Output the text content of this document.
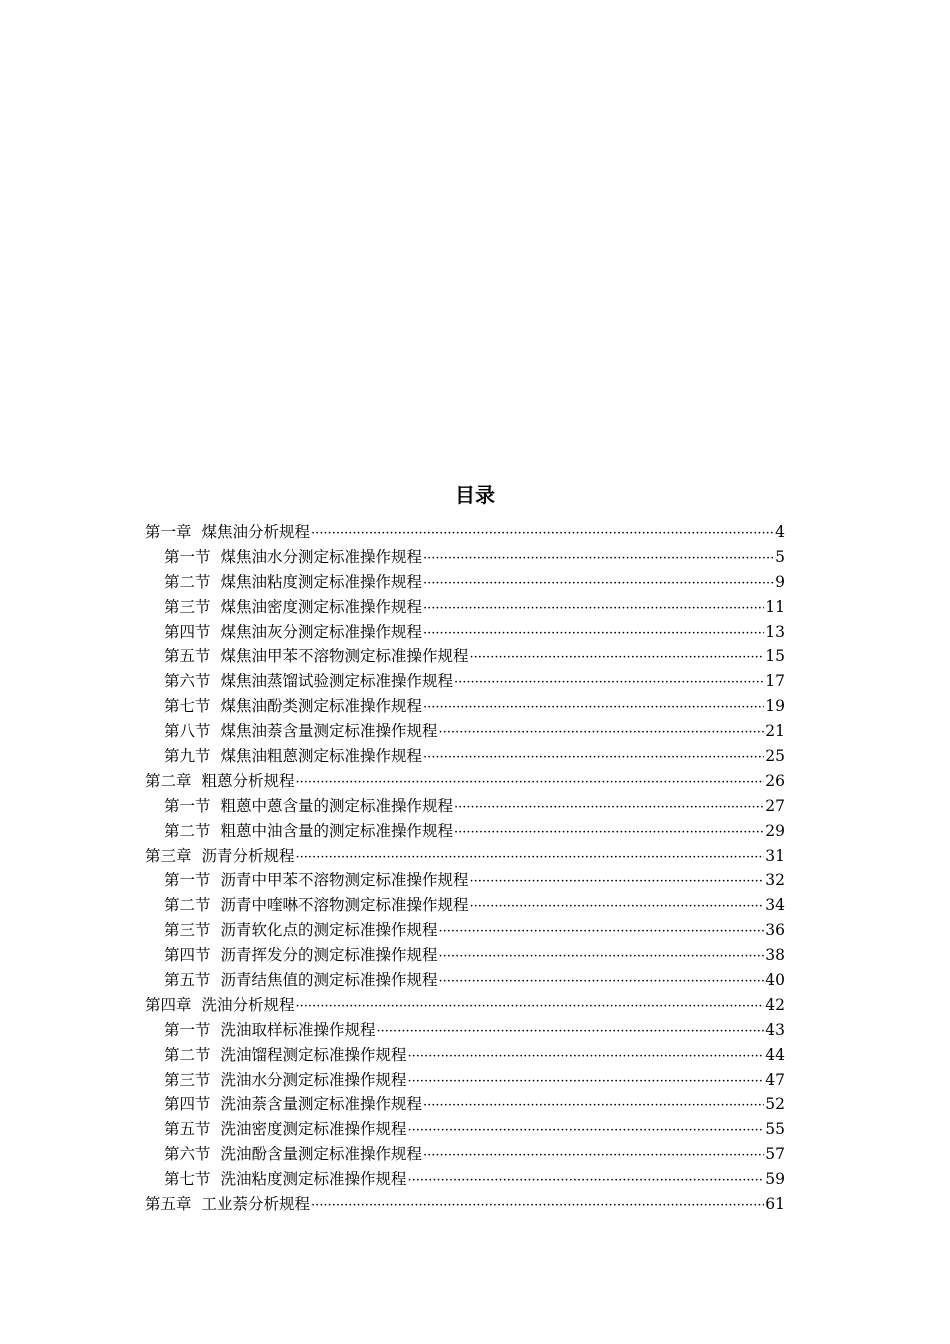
目录
第一章 煤焦油分析规程 ·····	4
第一节 煤焦油水分测定标准操作规程 ·····	5
第二节 煤焦油粘度测定标准操作规程 ·····	9
第三节 煤焦油密度测定标准操作规程 ·····	11
第四节 煤焦油灰分测定标准操作规程 ·····	13
第五节 煤焦油甲苯不溶物测定标准操作规程 ·····	15
第六节 煤焦油蒸馏试验测定标准操作规程 ·····	17
第七节 煤焦油酚类测定标准操作规程 ·····	19
第八节 煤焦油萘含量测定标准操作规程 ·····	21
第九节 煤焦油粗蒽测定标准操作规程 ·····	25
第二章 粗蒽分析规程 ·····	26
第一节 粗蒽中蒽含量的测定标准操作规程 ·····	27
第二节 粗蒽中油含量的测定标准操作规程 ·····	29
第三章 沥青分析规程 ·····	31
第一节 沥青中甲苯不溶物测定标准操作规程 ·····	32
第二节 沥青中喹啉不溶物测定标准操作规程 ·····	34
第三节 沥青软化点的测定标准操作规程 ·····	36
第四节 沥青挥发分的测定标准操作规程 ·····	38
第五节 沥青结焦值的测定标准操作规程 ·····	40
第四章 洗油分析规程 ·····	42
第一节 洗油取样标准操作规程 ·····	43
第二节 洗油馏程测定标准操作规程 ·····	44
第三节 洗油水分测定标准操作规程 ·····	47
第四节 洗油萘含量测定标准操作规程 ·····	52
第五节 洗油密度测定标准操作规程 ·····	55
第六节 洗油酚含量测定标准操作规程 ·····	57
第七节 洗油粘度测定标准操作规程 ·····	59
第五章 工业萘分析规程 ·····	61
